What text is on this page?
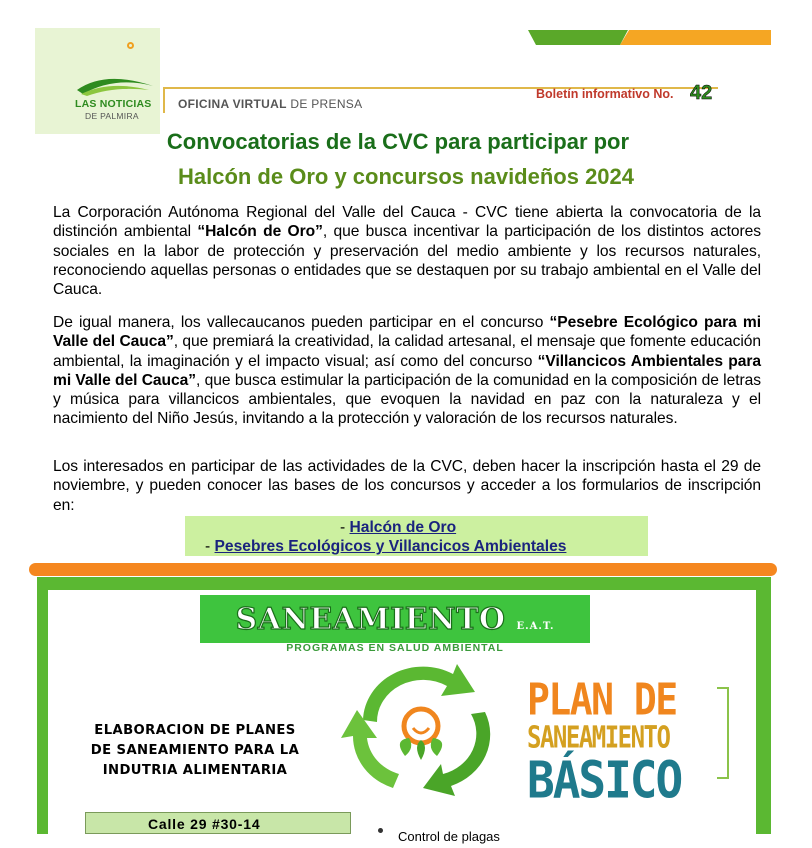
LAS NOTICIAS
DE PALMIRA
OFICINA VIRTUAL DE PRENSA
Boletín informativo No. 42
Convocatorias de la CVC para participar por
Halcón de Oro y concursos navideños 2024

La Corporación Autónoma Regional del Valle del Cauca - CVC tiene abierta la convocatoria de la distinción ambiental “Halcón de Oro”, que busca incentivar la participación de los distintos actores sociales en la labor de protección y preservación del medio ambiente y los recursos naturales, reconociendo aquellas personas o entidades que se destaquen por su trabajo ambiental en el Valle del Cauca.

De igual manera, los vallecaucanos pueden participar en el concurso “Pesebre Ecológico para mi Valle del Cauca”, que premiará la creatividad, la calidad artesanal, el mensaje que fomente educación ambiental, la imaginación y el impacto visual; así como del concurso “Villancicos Ambientales para mi Valle del Cauca”, que busca estimular la participación de la comunidad en la composición de letras y música para villancicos ambientales, que evoquen la navidad en paz con la naturaleza y el nacimiento del Niño Jesús, invitando a la protección y valoración de los recursos naturales.

Los interesados en participar de las actividades de la CVC, deben hacer la inscripción hasta el 29 de noviembre, y pueden conocer las bases de los concursos y acceder a los formularios de inscripción en:

- Halcón de Oro
- Pesebres Ecológicos y Villancicos Ambientales
SANEAMIENTO E.A.T.
PROGRAMAS EN SALUD AMBIENTAL
ELABORACION DE PLANES
DE SANEAMIENTO PARA LA
INDUTRIA ALIMENTARIA
PLAN DE
SANEAMIENTO
BÁSICO
Calle 29 #30-14
Control de plagas
